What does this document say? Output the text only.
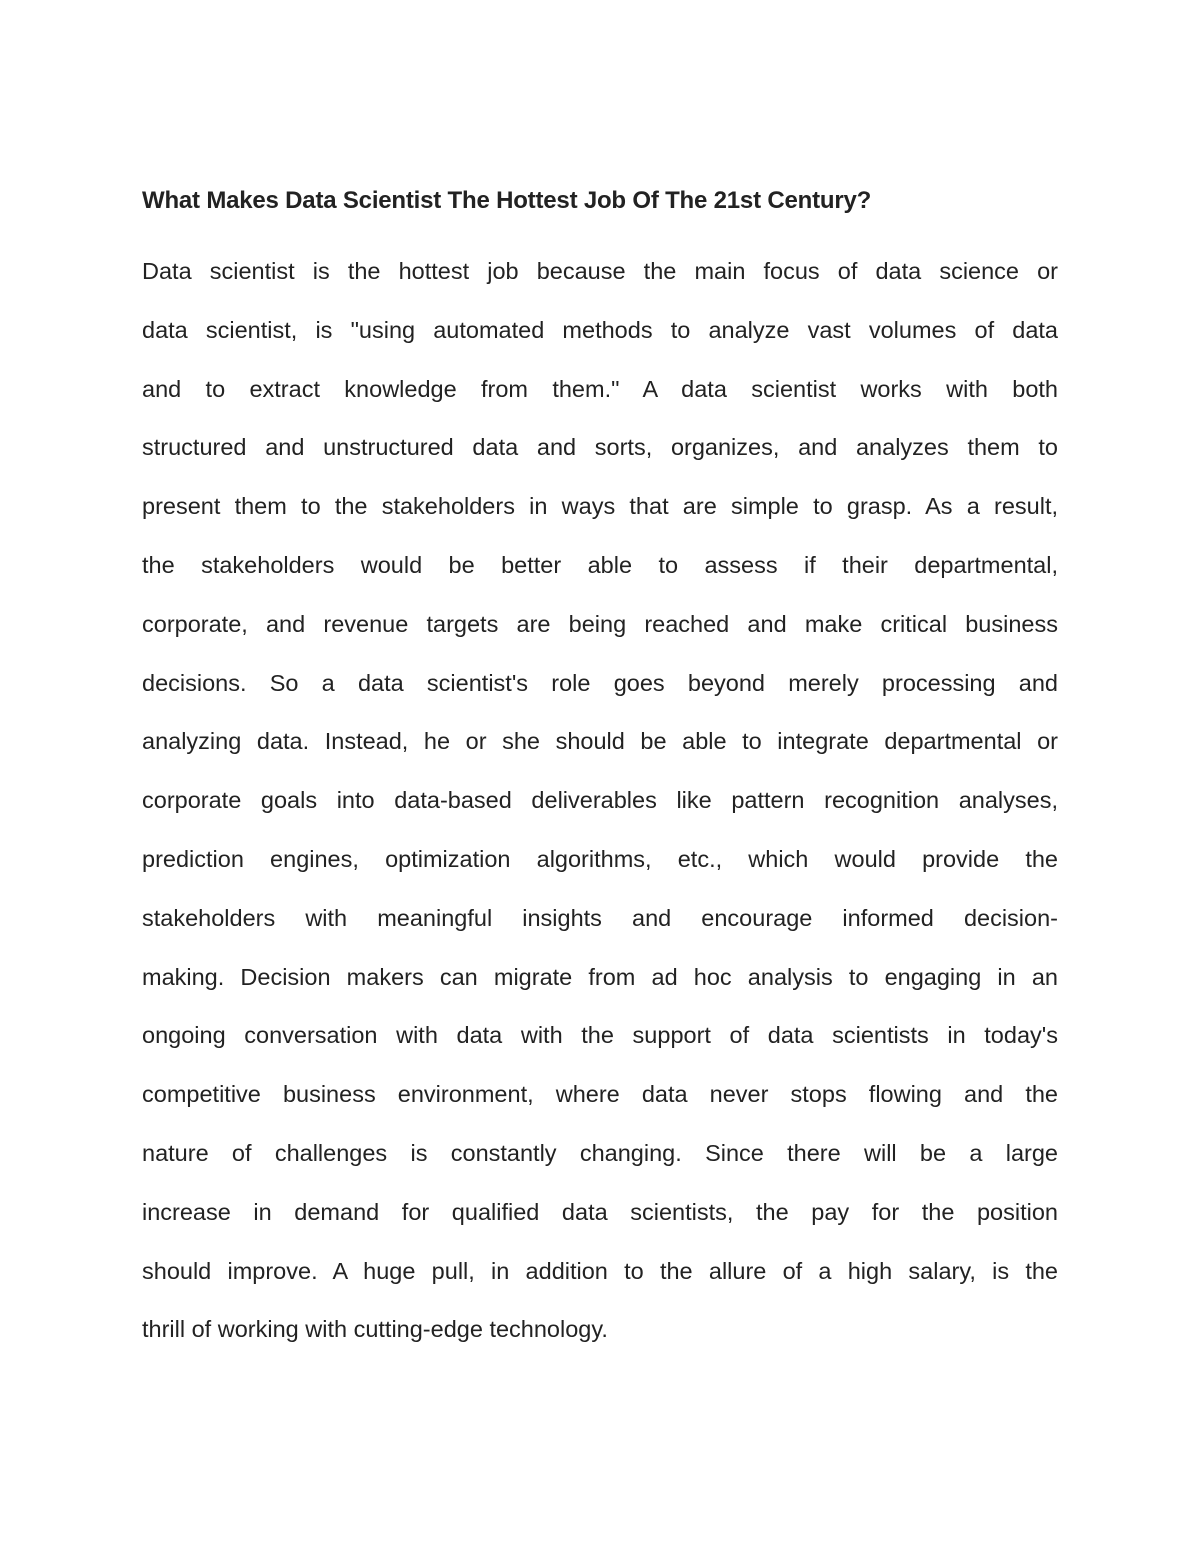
What Makes Data Scientist The Hottest Job Of The 21st Century?
Data scientist is the hottest job because the main focus of data science or
data scientist, is "using automated methods to analyze vast volumes of data
and to extract knowledge from them." A data scientist works with both
structured and unstructured data and sorts, organizes, and analyzes them to
present them to the stakeholders in ways that are simple to grasp. As a result,
the stakeholders would be better able to assess if their departmental,
corporate, and revenue targets are being reached and make critical business
decisions. So a data scientist's role goes beyond merely processing and
analyzing data. Instead, he or she should be able to integrate departmental or
corporate goals into data-based deliverables like pattern recognition analyses,
prediction engines, optimization algorithms, etc., which would provide the
stakeholders with meaningful insights and encourage informed decision-
making. Decision makers can migrate from ad hoc analysis to engaging in an
ongoing conversation with data with the support of data scientists in today's
competitive business environment, where data never stops flowing and the
nature of challenges is constantly changing. Since there will be a large
increase in demand for qualified data scientists, the pay for the position
should improve. A huge pull, in addition to the allure of a high salary, is the
thrill of working with cutting-edge technology.
